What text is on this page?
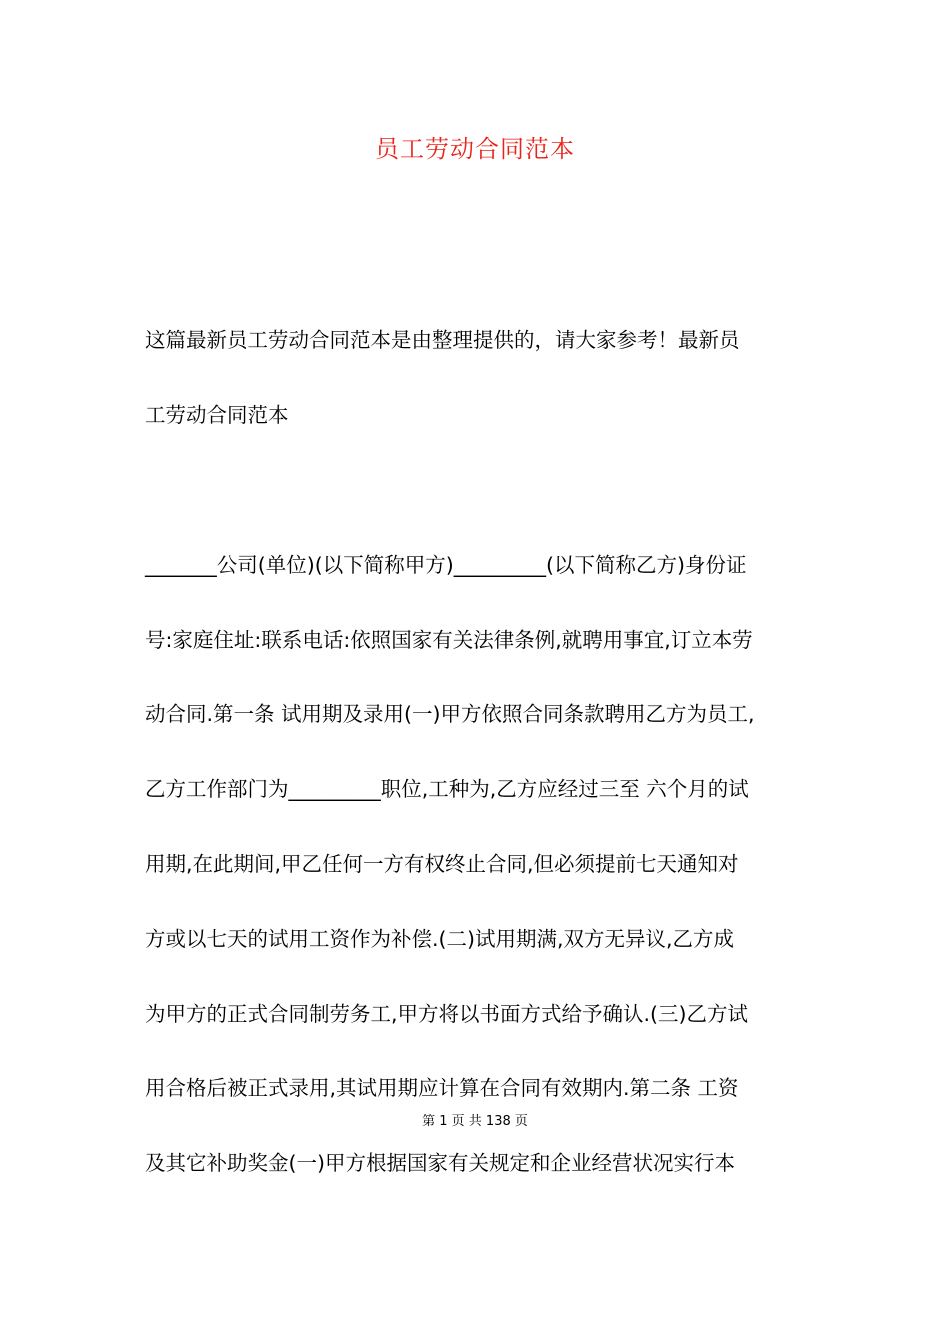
员工劳动合同范本
这篇最新员工劳动合同范本是由整理提供的，请大家参考！最新员
工劳动合同范本
_______公司(单位)(以下简称甲方)_________(以下简称乙方)身份证
号:家庭住址:联系电话:依照国家有关法律条例,就聘用事宜,订立本劳
动合同.第一条 试用期及录用(一)甲方依照合同条款聘用乙方为员工,
乙方工作部门为_________职位,工种为,乙方应经过三至 六个月的试
用期,在此期间,甲乙任何一方有权终止合同,但必须提前七天通知对
方或以七天的试用工资作为补偿.(二)试用期满,双方无异议,乙方成
为甲方的正式合同制劳务工,甲方将以书面方式给予确认.(三)乙方试
用合格后被正式录用,其试用期应计算在合同有效期内.第二条 工资
第 1 页 共 138 页
及其它补助奖金(一)甲方根据国家有关规定和企业经营状况实行本
